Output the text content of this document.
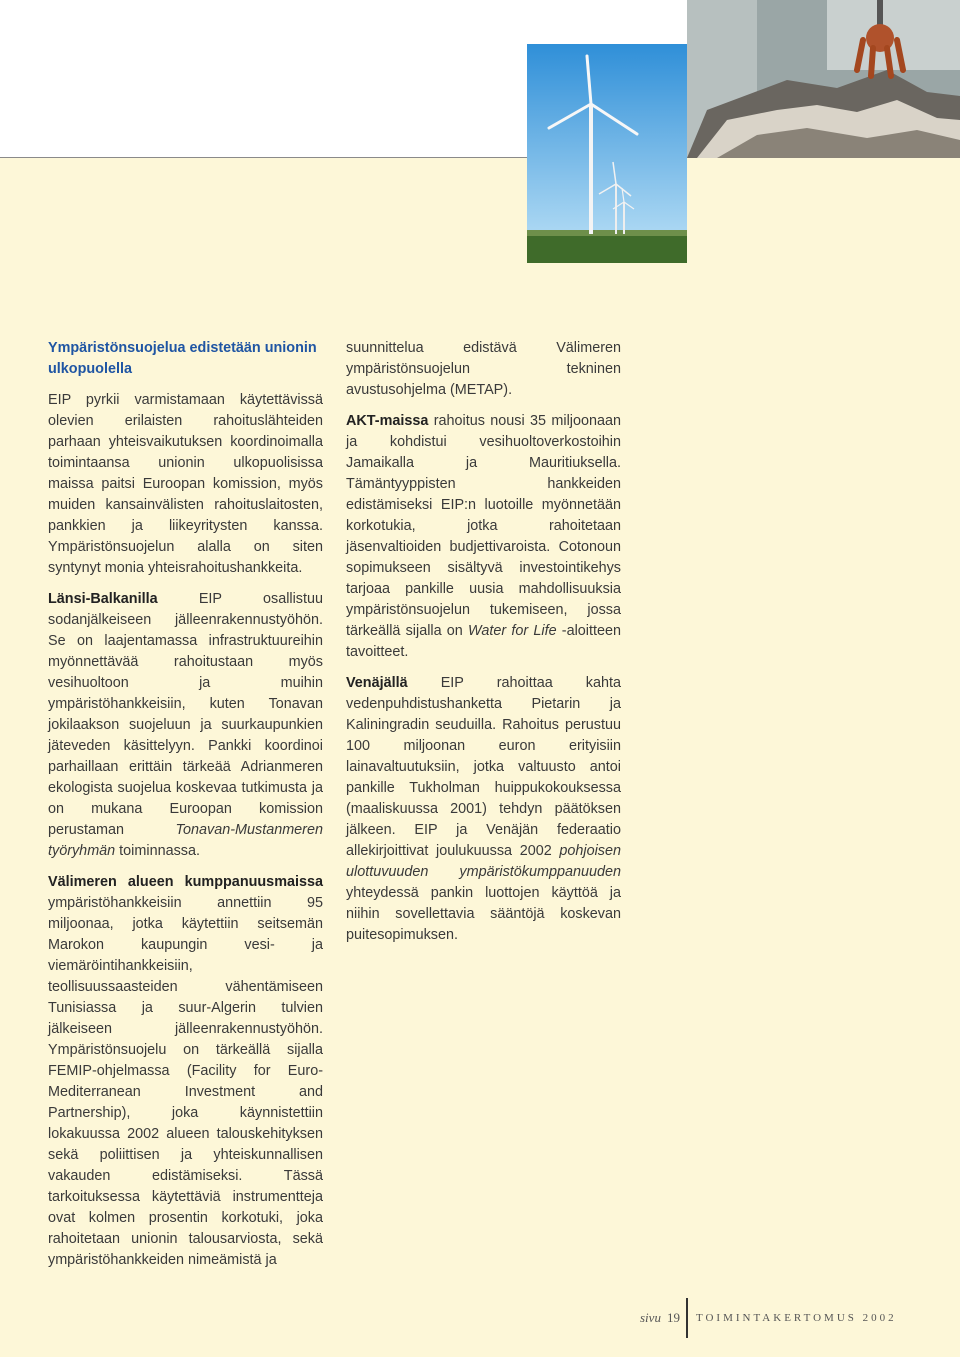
Ympäristönsuojelua edistetään unionin ulkopuolella

EIP pyrkii varmistamaan käytettävissä olevien erilaisten rahoituslähteiden parhaan yhteisvaikutuksen koordinoimalla toimintaansa unionin ulkopuolisissa maissa paitsi Euroopan komission, myös muiden kansainvälisten rahoituslaitosten, pankkien ja liikeyritysten kanssa. Ympäristönsuojelun alalla on siten syntynyt monia yhteisrahoitushankkeita.

Länsi-Balkanilla EIP osallistuu sodanjälkeiseen jälleenrakennustyöhön. Se on laajentamassa infrastruktuureihin myönnettävää rahoitustaan myös vesihuoltoon ja muihin ympäristöhankkeisiin, kuten Tonavan jokilaakson suojeluun ja suurkaupunkien jäteveden käsittelyyn. Pankki koordinoi parhaillaan erittäin tärkeää Adrianmeren ekologista suojelua koskevaa tutkimusta ja on mukana Euroopan komission perustaman Tonavan-Mustanmeren työryhmän toiminnassa.

Välimeren alueen kumppanuusmaissa ympäristöhankkeisiin annettiin 95 miljoonaa, jotka käytettiin seitsemän Marokon kaupungin vesi- ja viemäröintihankkeisiin, teollisuussaasteiden vähentämiseen Tunisiassa ja suur-Algerin tulvien jälkeiseen jälleenrakennustyöhön. Ympäristönsuojelu on tärkeällä sijalla FEMIP-ohjelmassa (Facility for Euro-Mediterranean Investment and Partnership), joka käynnistettiin lokakuussa 2002 alueen talouskehityksen sekä poliittisen ja yhteiskunnallisen vakauden edistämiseksi. Tässä tarkoituksessa käytettäviä instrumentteja ovat kolmen prosentin korkotuki, joka rahoitetaan unionin talousarviosta, sekä ympäristöhankkeiden nimeämistä ja

suunnittelua edistävä Välimeren ympäristönsuojelun tekninen avustusohjelma (METAP).

AKT-maissa rahoitus nousi 35 miljoonaan ja kohdistui vesihuoltoverkostoihin Jamaikalla ja Mauritiuksella. Tämäntyyppisten hankkeiden edistämiseksi EIP:n luotoille myönnetään korkotukia, jotka rahoitetaan jäsenvaltioiden budjettivaroista. Cotonoun sopimukseen sisältyvä investointikehys tarjoaa pankille uusia mahdollisuuksia ympäristönsuojelun tukemiseen, jossa tärkeällä sijalla on Water for Life -aloitteen tavoitteet.

Venäjällä EIP rahoittaa kahta vedenpuhdistushanketta Pietarin ja Kaliningradin seuduilla. Rahoitus perustuu 100 miljoonan euron erityisiin lainavaltuutuksiin, jotka valtuusto antoi pankille Tukholman huippukokouksessa (maaliskuussa 2001) tehdyn päätöksen jälkeen. EIP ja Venäjän federaatio allekirjoittivat joulukuussa 2002 pohjoisen ulottuvuuden ympäristökumppanuuden yhteydessä pankin luottojen käyttöä ja niihin sovellettavia sääntöjä koskevan puitesopimuksen.

sivu 19 TOIMINTAKERTOMUS 2002
